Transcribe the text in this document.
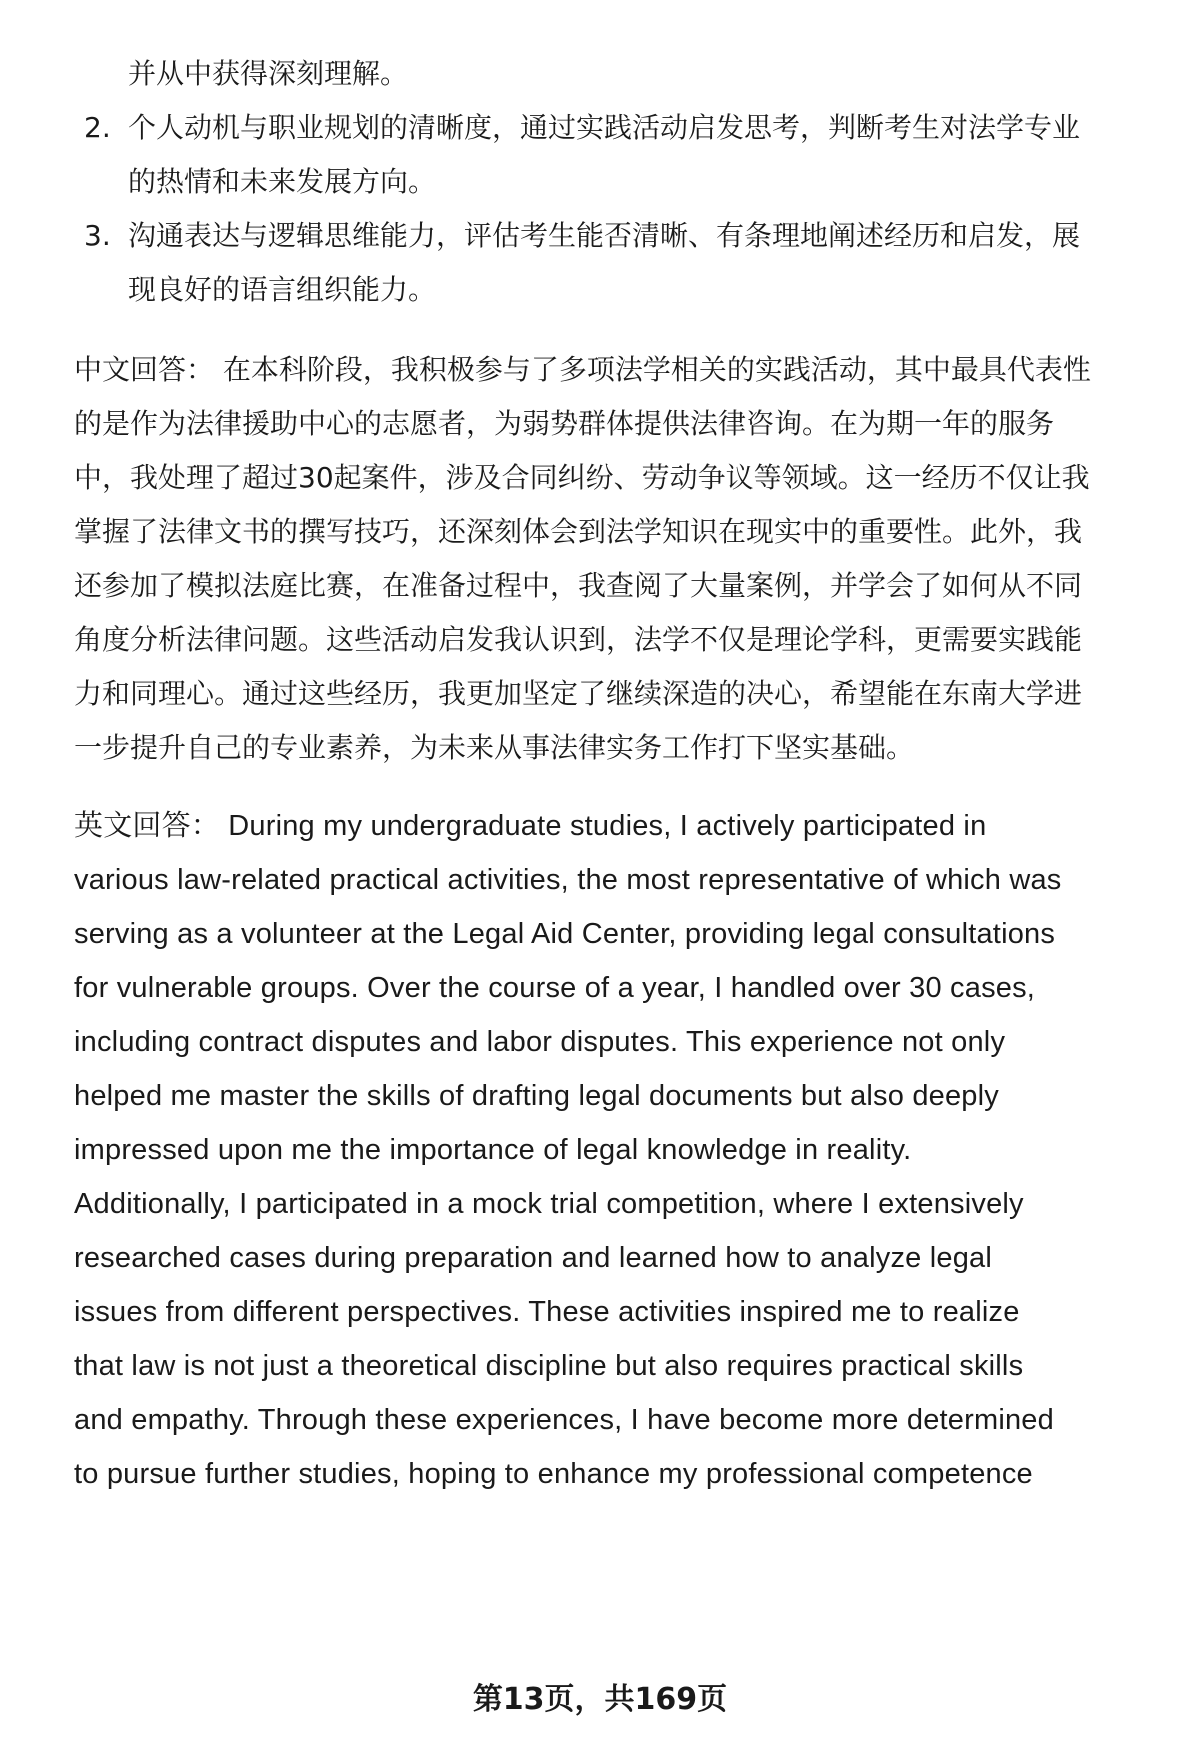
并从中获得深刻理解。
2. 个人动机与职业规划的清晰度，通过实践活动启发思考，判断考生对法学专业
的热情和未来发展方向。
3. 沟通表达与逻辑思维能力，评估考生能否清晰、有条理地阐述经历和启发，展
现良好的语言组织能力。
中文回答： 在本科阶段，我积极参与了多项法学相关的实践活动，其中最具代表性
的是作为法律援助中心的志愿者，为弱势群体提供法律咨询。在为期一年的服务
中，我处理了超过30起案件，涉及合同纠纷、劳动争议等领域。这一经历不仅让我
掌握了法律文书的撰写技巧，还深刻体会到法学知识在现实中的重要性。此外，我
还参加了模拟法庭比赛，在准备过程中，我查阅了大量案例，并学会了如何从不同
角度分析法律问题。这些活动启发我认识到，法学不仅是理论学科，更需要实践能
力和同理心。通过这些经历，我更加坚定了继续深造的决心，希望能在东南大学进
一步提升自己的专业素养，为未来从事法律实务工作打下坚实基础。
英文回答： During my undergraduate studies, I actively participated in
various law-related practical activities, the most representative of which was
serving as a volunteer at the Legal Aid Center, providing legal consultations
for vulnerable groups. Over the course of a year, I handled over 30 cases,
including contract disputes and labor disputes. This experience not only
helped me master the skills of drafting legal documents but also deeply
impressed upon me the importance of legal knowledge in reality.
Additionally, I participated in a mock trial competition, where I extensively
researched cases during preparation and learned how to analyze legal
issues from different perspectives. These activities inspired me to realize
that law is not just a theoretical discipline but also requires practical skills
and empathy. Through these experiences, I have become more determined
to pursue further studies, hoping to enhance my professional competence
第13页，共169页
